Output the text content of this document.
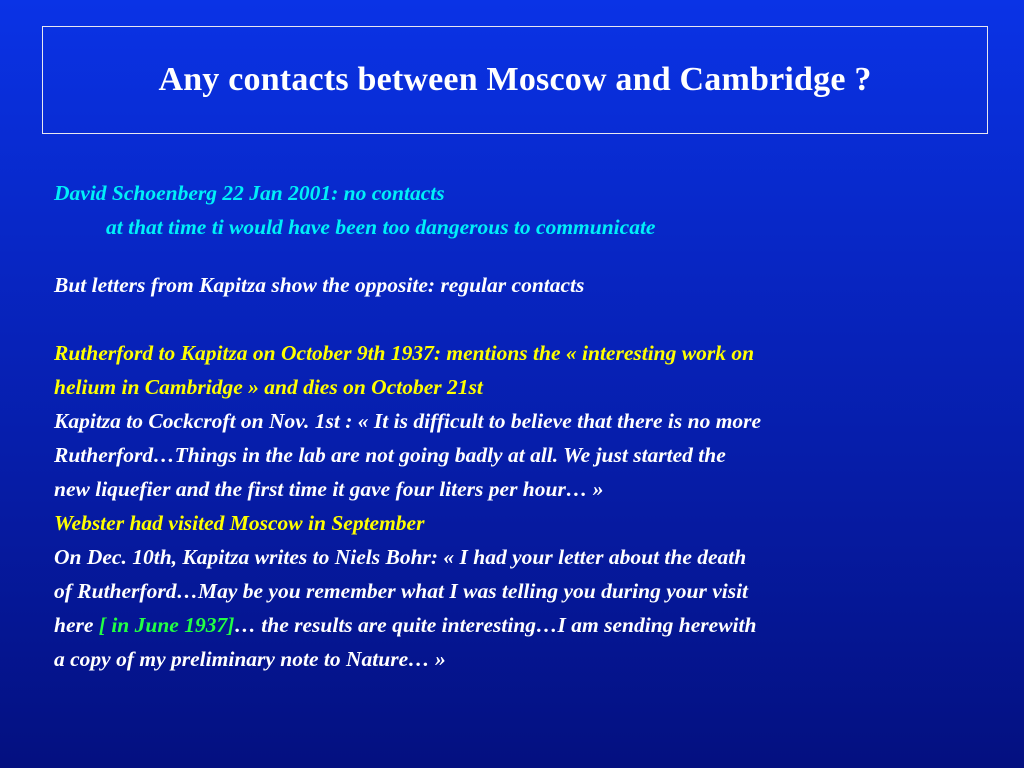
Any contacts between Moscow and Cambridge ?

David Schoenberg 22 Jan 2001: no contacts

at that time ti would have been too dangerous to communicate

But letters from Kapitza show the opposite: regular contacts

Rutherford to Kapitza on October 9th 1937: mentions the « interesting work on

helium in Cambridge » and dies on October 21st

Kapitza to Cockcroft on Nov. 1st : « It is difficult to believe that there is no more

Rutherford…Things in the lab are not going badly at all. We just started the

new liquefier and the first time it gave four liters per hour… »

Webster had visited Moscow in September

On Dec. 10th, Kapitza writes to Niels Bohr: « I had your letter about the death

of Rutherford…May be you remember what I was telling you during your visit

here [ in June 1937]… the results are quite interesting…I am sending herewith

a copy of my preliminary note to Nature… »
